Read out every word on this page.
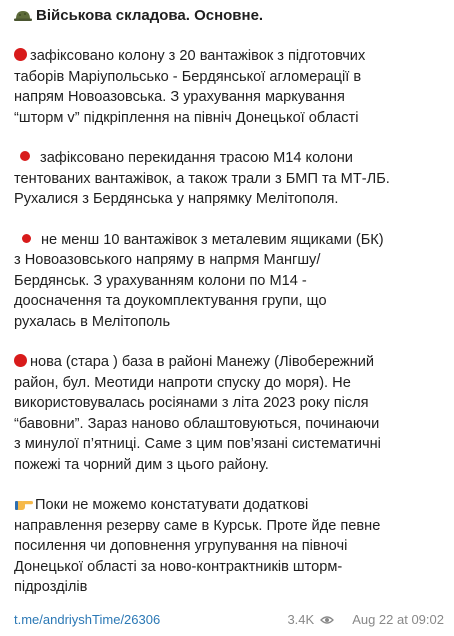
Військова складова. Основне.
зафіксовано колону з 20 вантажівок з підготовчих
таборів Маріупольсько - Бердянської агломерації в
напрям Новоазовська. З урахування маркування
“шторм v” підкріплення на північ Донецької області
зафіксовано перекидання трасою М14 колони
тентованих вантажівок, а також трали з БМП та МТ-ЛБ.
Рухалися з Бердянська у напрямку Мелітополя.
не менш 10 вантажівок з металевим ящиками (БК)
з Новоазовського напряму в напрмя Мангшу/
Бердянськ. З урахуванням колони по М14 -
доосначення та доукомплектування групи, що
рухалась в Мелітополь
нова (стара ) база в районі Манежу (Лівобережний
район, бул. Меотиди напроти спуску до моря). Не
використовувалась росіянами з літа 2023 року після
“бавовни”. Зараз наново облаштовуються, починаючи
з минулої п’ятниці. Саме з цим пов’язані систематичні
пожежі та чорний дим з цього району.
Поки не можемо констатувати додаткові
направлення резерву саме в Курськ. Проте йде певне
посилення чи доповнення угрупування на півночі
Донецької області за ново-контрактників шторм-
підрозділів
t.me/andriyshTime/26306	3.4K	Aug 22 at 09:02
